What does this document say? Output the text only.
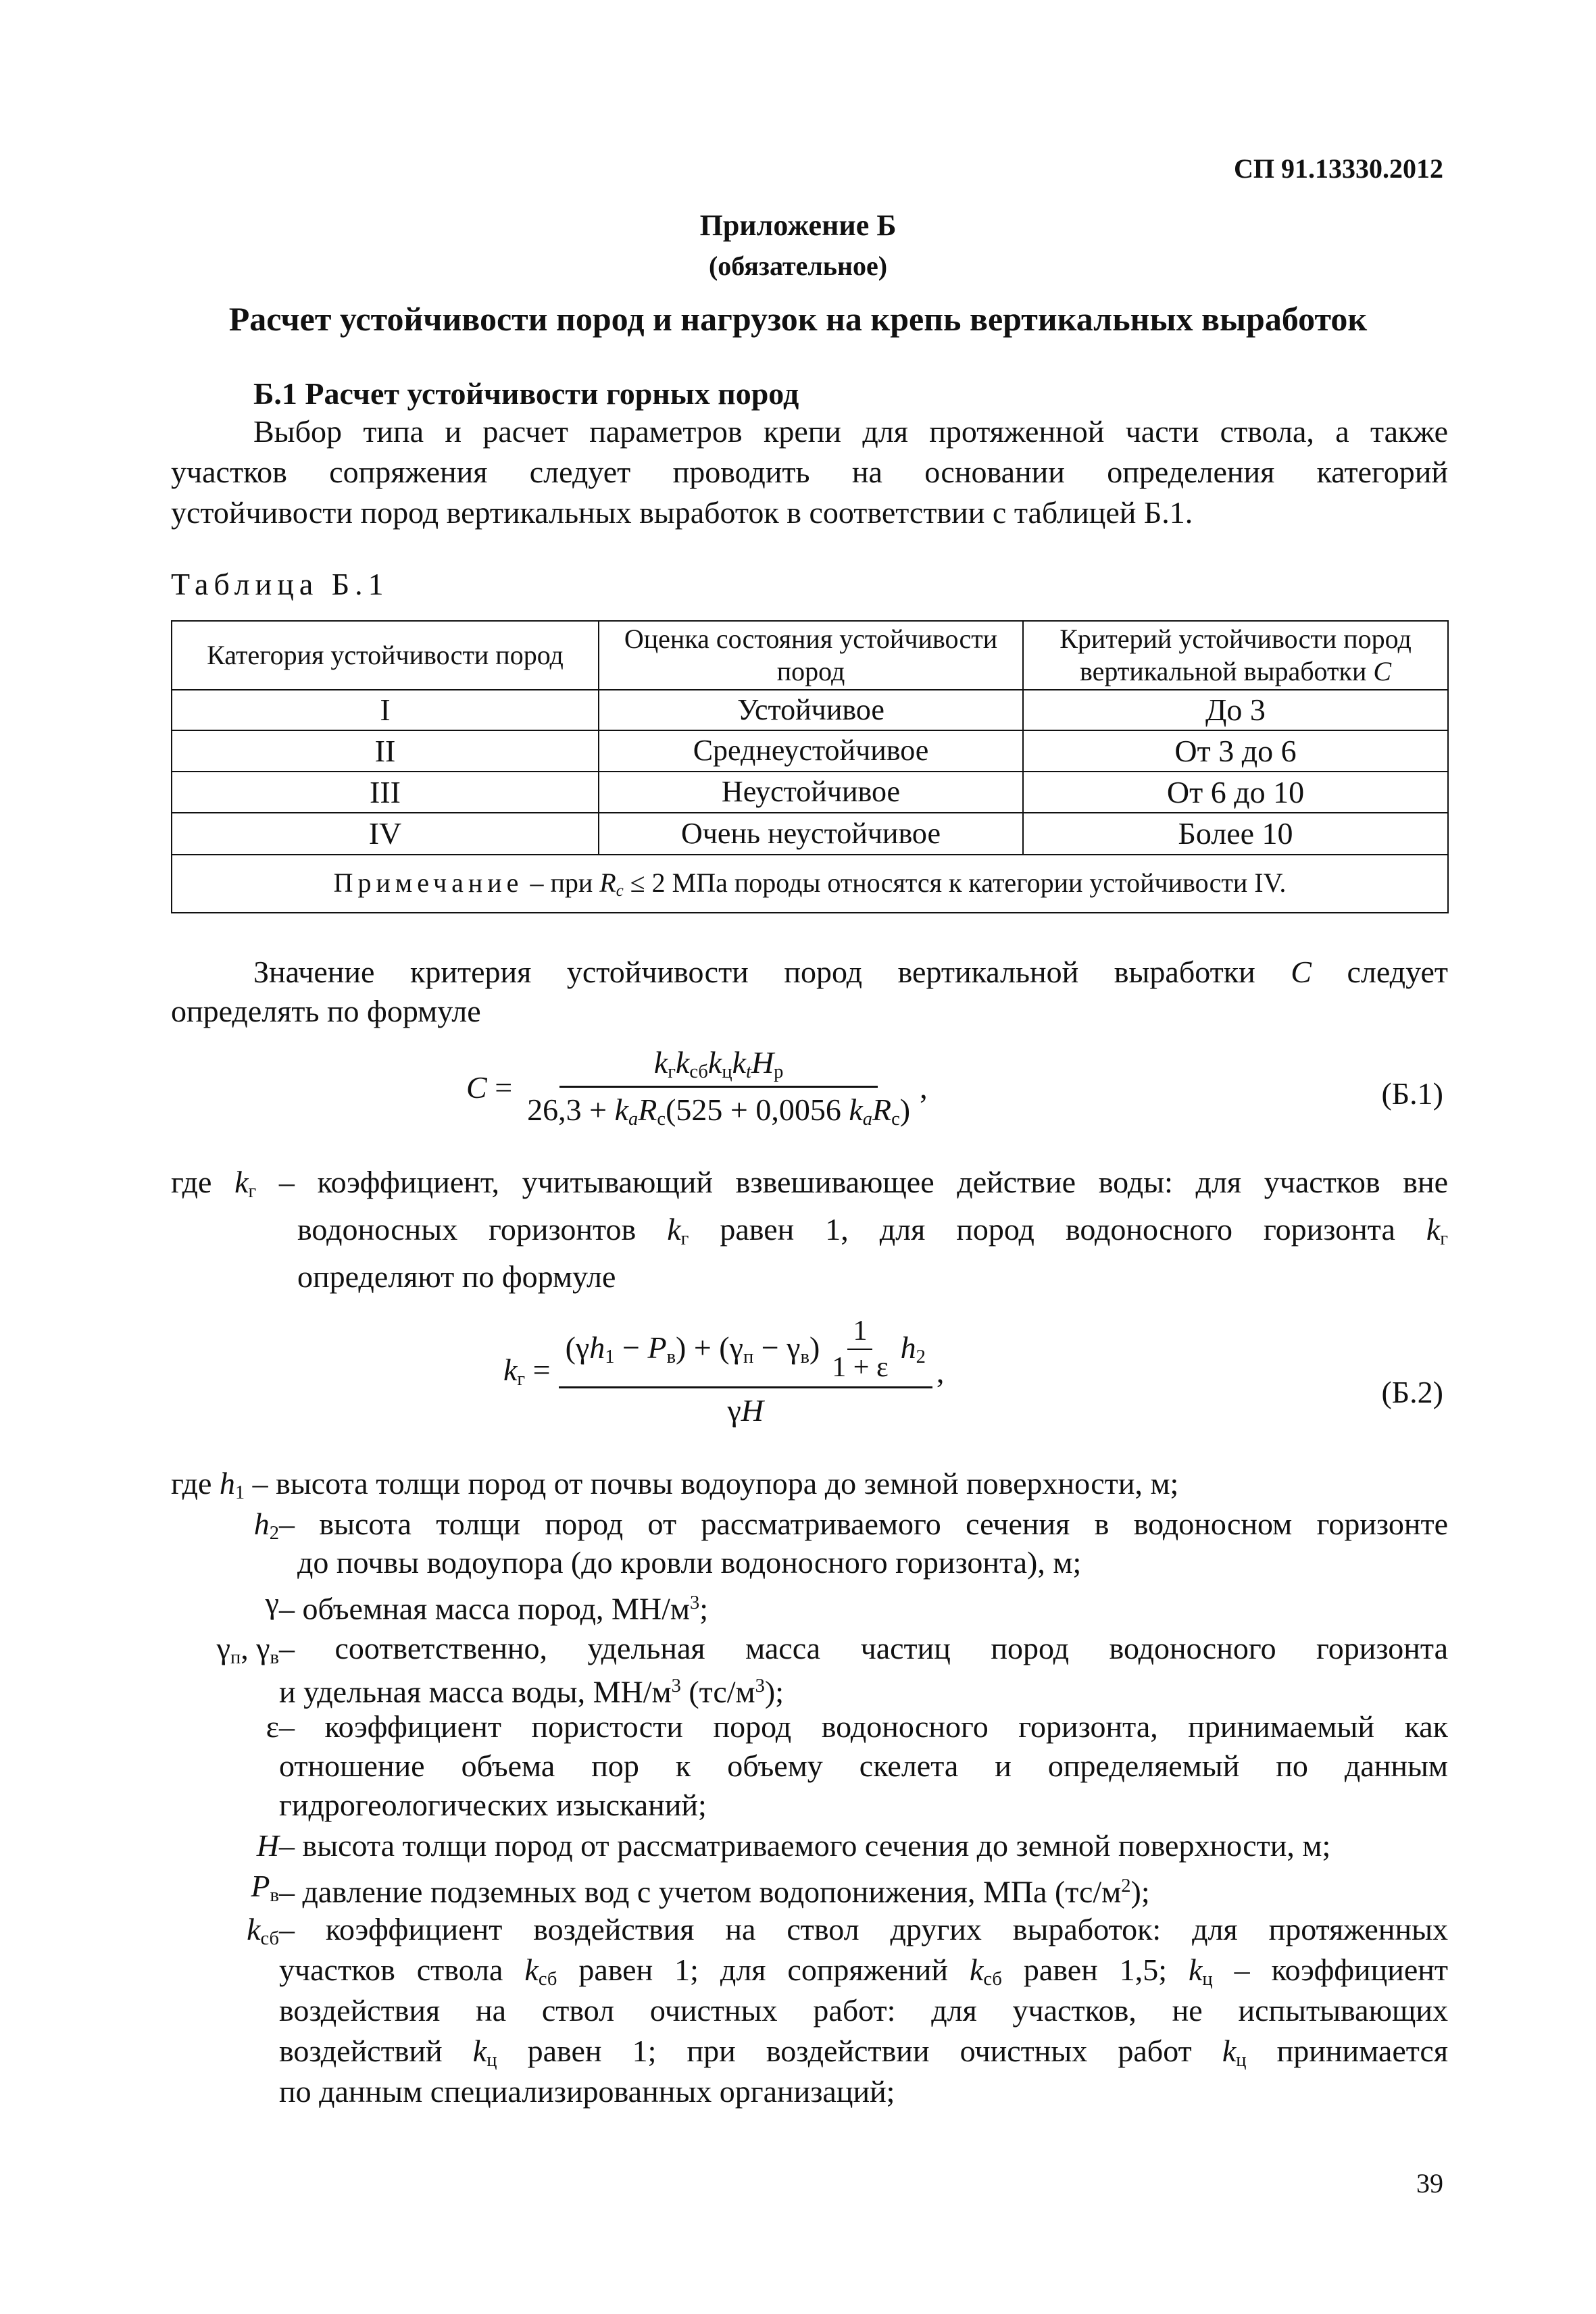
СП 91.13330.2012
Приложение Б
(обязательное)
Расчет устойчивости пород и нагрузок на крепь вертикальных выработок
Б.1 Расчет устойчивости горных пород
Выбор типа и расчет параметров крепи для протяженной части ствола, а также
участков сопряжения следует проводить на основании определения категорий
устойчивости пород вертикальных выработок в соответствии с таблицей Б.1.
Таблица Б.1
Категория устойчивости пород	Оценка состояния устойчивости пород	Критерий устойчивости пород вертикальной выработки C
I	Устойчивое	До 3
II	Среднеустойчивое	От 3 до 6
III	Неустойчивое	От 6 до 10
IV	Очень неустойчивое	Более 10
Примечание – при $R_c \le 2$ МПа породы относятся к категории устойчивости IV.		
Значение критерия устойчивости пород вертикальной выработки C следует
определять по формуле
$C = \frac{k_гk_{сб}k_цk_tH_р}{26,3 + k_aR_с(525 + 0,0056 k_aR_с)}$ ,	(Б.1)
где $k_г$ – коэффициент, учитывающий взвешивающее действие воды: для участков вне
водоносных горизонтов $k_г$ равен 1, для пород водоносного горизонта $k_г$
определяют по формуле
$k_г = \frac{(\gamma h_1 - P_в) + (\gamma_п - \gamma_в) \frac{1}{1 + \varepsilon} h_2}{\gamma H}$ ,
(Б.2)
где $h_1$ – высота толщи пород от почвы водоупора до земной поверхности, м;
$h_2$ – высота толщи пород от рассматриваемого сечения в водоносном горизонте
до почвы водоупора (до кровли водоносного горизонта), м;
γ – объемная масса пород, $МН/м^3$;
$\gamma_п$, $\gamma_в$ – соответственно, удельная масса частиц пород водоносного горизонта
и удельная масса воды, $МН/м^3$ $(тс/м^3)$;
ε – коэффициент пористости пород водоносного горизонта, принимаемый как
отношение объема пор к объему скелета и определяемый по данным
гидрогеологических изысканий;
H – высота толщи пород от рассматриваемого сечения до земной поверхности, м;
$P_в$ – давление подземных вод с учетом водопонижения, МПа $(тс/м^2)$;
$k_{сб}$ – коэффициент воздействия на ствол других выработок: для протяженных
участков ствола $k_{сб}$ равен 1; для сопряжений $k_{сб}$ равен 1,5; $k_ц$ – коэффициент
воздействия на ствол очистных работ: для участков, не испытывающих
воздействий $k_ц$ равен 1; при воздействии очистных работ $k_ц$ принимается
по данным специализированных организаций;
39
